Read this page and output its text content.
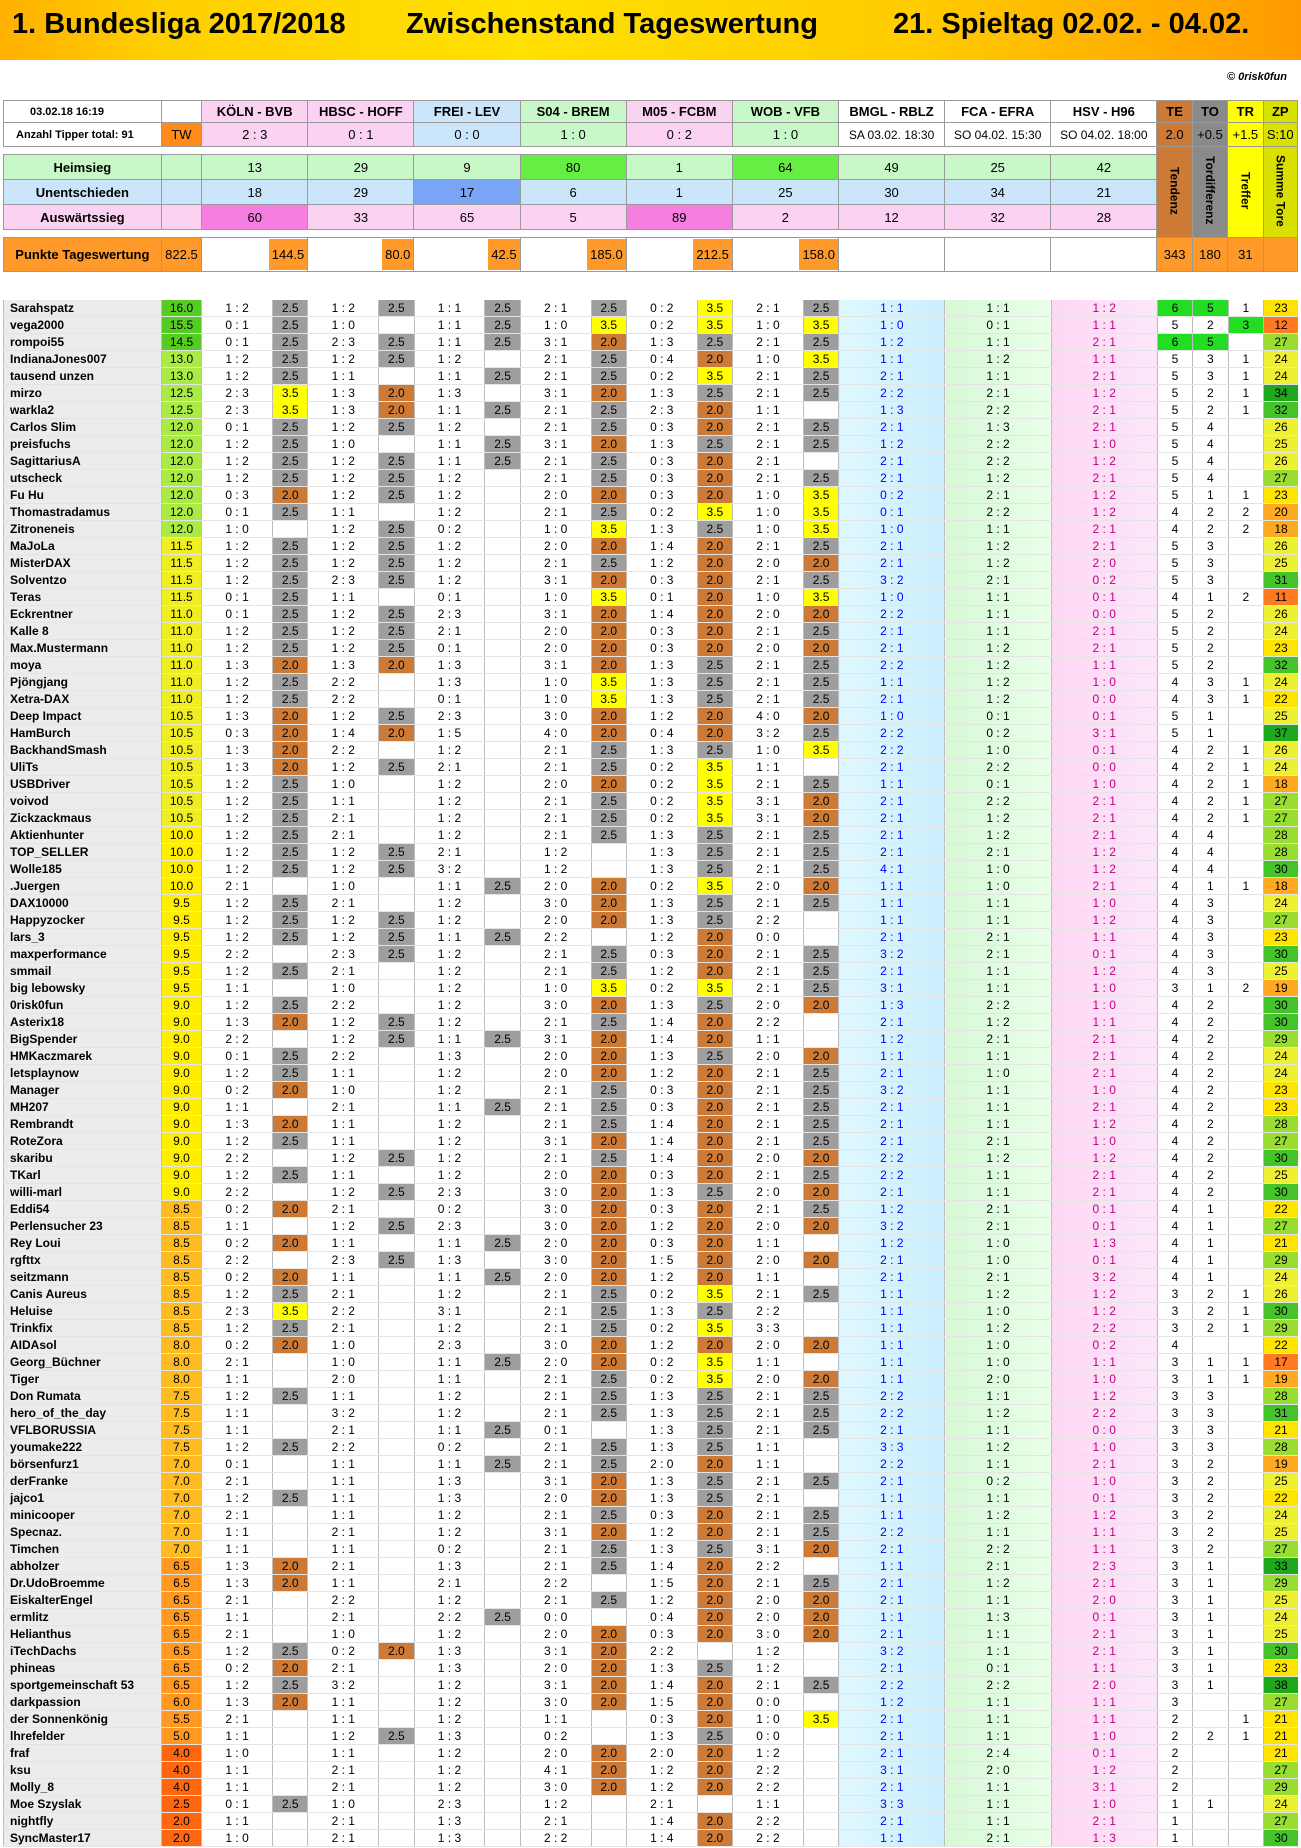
1. Bundesliga 2017/2018 Zwischenstand Tageswertung	21. Spieltag 02.02. - 04.02.
© 0risk0fun
03.02.18 16:19		KÖLN - BVB	HBSC - HOFF	FREI - LEV	S04 - BREM	M05 - FCBM	WOB - VFB	BMGL - RBLZ	FCA - EFRA	HSV - H96	TE	TO	TR	ZP
Anzahl Tipper total: 91	TW	2 : 3	0 : 1	0 : 0	1 : 0	0 : 2	1 : 0	SA 03.02. 18:30	SO 04.02. 15:30	SO 04.02. 18:00	2.0	+0.5	+1.5	S:10
											Tendenz	Tordifferenz	Treffer	Summe Tore
Heimsieg		13	29	9	80	1	64	49	25	42				
Unentschieden		18	29	17	6	1	25	30	34	21				
Auswärtssieg		60	33	65	5	89	2	12	32	28				

Punkte Tageswertung	822.5	144.5	80.0	42.5	185.0	212.5	158.0				343	180	31	
Sarahspatz	16.0	1 : 2	2.5	1 : 2	2.5	1 : 1	2.5	2 : 1	2.5	0 : 2	3.5	2 : 1	2.5	1 : 1	1 : 1	1 : 2	6	5	1	23
vega2000	15.5	0 : 1	2.5	1 : 0		1 : 1	2.5	1 : 0	3.5	0 : 2	3.5	1 : 0	3.5	1 : 0	0 : 1	1 : 1	5	2	3	12
rompoi55	14.5	0 : 1	2.5	2 : 3	2.5	1 : 1	2.5	3 : 1	2.0	1 : 3	2.5	2 : 1	2.5	1 : 2	1 : 1	2 : 1	6	5		27
IndianaJones007	13.0	1 : 2	2.5	1 : 2	2.5	1 : 2		2 : 1	2.5	0 : 4	2.0	1 : 0	3.5	1 : 1	1 : 2	1 : 1	5	3	1	24
tausend unzen	13.0	1 : 2	2.5	1 : 1		1 : 1	2.5	2 : 1	2.5	0 : 2	3.5	2 : 1	2.5	2 : 1	1 : 1	2 : 1	5	3	1	24
mirzo	12.5	2 : 3	3.5	1 : 3	2.0	1 : 3		3 : 1	2.0	1 : 3	2.5	2 : 1	2.5	2 : 2	2 : 1	1 : 2	5	2	1	34
warkla2	12.5	2 : 3	3.5	1 : 3	2.0	1 : 1	2.5	2 : 1	2.5	2 : 3	2.0	1 : 1		1 : 3	2 : 2	2 : 1	5	2	1	32
Carlos Slim	12.0	0 : 1	2.5	1 : 2	2.5	1 : 2		2 : 1	2.5	0 : 3	2.0	2 : 1	2.5	2 : 1	1 : 3	2 : 1	5	4		26
preisfuchs	12.0	1 : 2	2.5	1 : 0		1 : 1	2.5	3 : 1	2.0	1 : 3	2.5	2 : 1	2.5	1 : 2	2 : 2	1 : 0	5	4		25
SagittariusA	12.0	1 : 2	2.5	1 : 2	2.5	1 : 1	2.5	2 : 1	2.5	0 : 3	2.0	2 : 1		2 : 1	2 : 2	1 : 2	5	4		26
utscheck	12.0	1 : 2	2.5	1 : 2	2.5	1 : 2		2 : 1	2.5	0 : 3	2.0	2 : 1	2.5	2 : 1	1 : 2	2 : 1	5	4		27
Fu Hu	12.0	0 : 3	2.0	1 : 2	2.5	1 : 2		2 : 0	2.0	0 : 3	2.0	1 : 0	3.5	0 : 2	2 : 1	1 : 2	5	1	1	23
Thomastradamus	12.0	0 : 1	2.5	1 : 1		1 : 2		2 : 1	2.5	0 : 2	3.5	1 : 0	3.5	0 : 1	2 : 2	1 : 2	4	2	2	20
Zitroneneis	12.0	1 : 0		1 : 2	2.5	0 : 2		1 : 0	3.5	1 : 3	2.5	1 : 0	3.5	1 : 0	1 : 1	2 : 1	4	2	2	18
MaJoLa	11.5	1 : 2	2.5	1 : 2	2.5	1 : 2		2 : 0	2.0	1 : 4	2.0	2 : 1	2.5	2 : 1	1 : 2	2 : 1	5	3		26
MisterDAX	11.5	1 : 2	2.5	1 : 2	2.5	1 : 2		2 : 1	2.5	1 : 2	2.0	2 : 0	2.0	2 : 1	1 : 2	2 : 0	5	3		25
Solventzo	11.5	1 : 2	2.5	2 : 3	2.5	1 : 2		3 : 1	2.0	0 : 3	2.0	2 : 1	2.5	3 : 2	2 : 1	0 : 2	5	3		31
Teras	11.5	0 : 1	2.5	1 : 1		0 : 1		1 : 0	3.5	0 : 1	2.0	1 : 0	3.5	1 : 0	1 : 1	0 : 1	4	1	2	11
Eckrentner	11.0	0 : 1	2.5	1 : 2	2.5	2 : 3		3 : 1	2.0	1 : 4	2.0	2 : 0	2.0	2 : 2	1 : 1	0 : 0	5	2		26
Kalle 8	11.0	1 : 2	2.5	1 : 2	2.5	2 : 1		2 : 0	2.0	0 : 3	2.0	2 : 1	2.5	2 : 1	1 : 1	2 : 1	5	2		24
Max.Mustermann	11.0	1 : 2	2.5	1 : 2	2.5	0 : 1		2 : 0	2.0	0 : 3	2.0	2 : 0	2.0	2 : 1	1 : 2	2 : 1	5	2		23
moya	11.0	1 : 3	2.0	1 : 3	2.0	1 : 3		3 : 1	2.0	1 : 3	2.5	2 : 1	2.5	2 : 2	1 : 2	1 : 1	5	2		32
Pjöngjang	11.0	1 : 2	2.5	2 : 2		1 : 3		1 : 0	3.5	1 : 3	2.5	2 : 1	2.5	1 : 1	1 : 2	1 : 0	4	3	1	24
Xetra-DAX	11.0	1 : 2	2.5	2 : 2		0 : 1		1 : 0	3.5	1 : 3	2.5	2 : 1	2.5	2 : 1	1 : 2	0 : 0	4	3	1	22
Deep Impact	10.5	1 : 3	2.0	1 : 2	2.5	2 : 3		3 : 0	2.0	1 : 2	2.0	4 : 0	2.0	1 : 0	0 : 1	0 : 1	5	1		25
HamBurch	10.5	0 : 3	2.0	1 : 4	2.0	1 : 5		4 : 0	2.0	0 : 4	2.0	3 : 2	2.5	2 : 2	0 : 2	3 : 1	5	1		37
BackhandSmash	10.5	1 : 3	2.0	2 : 2		1 : 2		2 : 1	2.5	1 : 3	2.5	1 : 0	3.5	2 : 2	1 : 0	0 : 1	4	2	1	26
UliTs	10.5	1 : 3	2.0	1 : 2	2.5	2 : 1		2 : 1	2.5	0 : 2	3.5	1 : 1		2 : 1	2 : 2	0 : 0	4	2	1	24
USBDriver	10.5	1 : 2	2.5	1 : 0		1 : 2		2 : 0	2.0	0 : 2	3.5	2 : 1	2.5	1 : 1	0 : 1	1 : 0	4	2	1	18
voivod	10.5	1 : 2	2.5	1 : 1		1 : 2		2 : 1	2.5	0 : 2	3.5	3 : 1	2.0	2 : 1	2 : 2	2 : 1	4	2	1	27
Zickzackmaus	10.5	1 : 2	2.5	2 : 1		1 : 2		2 : 1	2.5	0 : 2	3.5	3 : 1	2.0	2 : 1	1 : 2	2 : 1	4	2	1	27
Aktienhunter	10.0	1 : 2	2.5	2 : 1		1 : 2		2 : 1	2.5	1 : 3	2.5	2 : 1	2.5	2 : 1	1 : 2	2 : 1	4	4		28
TOP_SELLER	10.0	1 : 2	2.5	1 : 2	2.5	2 : 1		1 : 2		1 : 3	2.5	2 : 1	2.5	2 : 1	2 : 1	1 : 2	4	4		28
Wolle185	10.0	1 : 2	2.5	1 : 2	2.5	3 : 2		1 : 2		1 : 3	2.5	2 : 1	2.5	4 : 1	1 : 0	1 : 2	4	4		30
.Juergen	10.0	2 : 1		1 : 0		1 : 1	2.5	2 : 0	2.0	0 : 2	3.5	2 : 0	2.0	1 : 1	1 : 0	2 : 1	4	1	1	18
DAX10000	9.5	1 : 2	2.5	2 : 1		1 : 2		3 : 0	2.0	1 : 3	2.5	2 : 1	2.5	1 : 1	1 : 1	1 : 0	4	3		24
Happyzocker	9.5	1 : 2	2.5	1 : 2	2.5	1 : 2		2 : 0	2.0	1 : 3	2.5	2 : 2		1 : 1	1 : 1	1 : 2	4	3		27
lars_3	9.5	1 : 2	2.5	1 : 2	2.5	1 : 1	2.5	2 : 2		1 : 2	2.0	0 : 0		2 : 1	2 : 1	1 : 1	4	3		23
maxperformance	9.5	2 : 2		2 : 3	2.5	1 : 2		2 : 1	2.5	0 : 3	2.0	2 : 1	2.5	3 : 2	2 : 1	0 : 1	4	3		30
smmail	9.5	1 : 2	2.5	2 : 1		1 : 2		2 : 1	2.5	1 : 2	2.0	2 : 1	2.5	2 : 1	1 : 1	1 : 2	4	3		25
big lebowsky	9.5	1 : 1		1 : 0		1 : 2		1 : 0	3.5	0 : 2	3.5	2 : 1	2.5	3 : 1	1 : 1	1 : 0	3	1	2	19
0risk0fun	9.0	1 : 2	2.5	2 : 2		1 : 2		3 : 0	2.0	1 : 3	2.5	2 : 0	2.0	1 : 3	2 : 2	1 : 0	4	2		30
Asterix18	9.0	1 : 3	2.0	1 : 2	2.5	1 : 2		2 : 1	2.5	1 : 4	2.0	2 : 2		2 : 1	1 : 2	1 : 1	4	2		30
BigSpender	9.0	2 : 2		1 : 2	2.5	1 : 1	2.5	3 : 1	2.0	1 : 4	2.0	1 : 1		1 : 2	2 : 1	2 : 1	4	2		29
HMKaczmarek	9.0	0 : 1	2.5	2 : 2		1 : 3		2 : 0	2.0	1 : 3	2.5	2 : 0	2.0	1 : 1	1 : 1	2 : 1	4	2		24
letsplaynow	9.0	1 : 2	2.5	1 : 1		1 : 2		2 : 0	2.0	1 : 2	2.0	2 : 1	2.5	2 : 1	1 : 0	2 : 1	4	2		24
Manager	9.0	0 : 2	2.0	1 : 0		1 : 2		2 : 1	2.5	0 : 3	2.0	2 : 1	2.5	3 : 2	1 : 1	1 : 0	4	2		23
MH207	9.0	1 : 1		2 : 1		1 : 1	2.5	2 : 1	2.5	0 : 3	2.0	2 : 1	2.5	2 : 1	1 : 1	2 : 1	4	2		23
Rembrandt	9.0	1 : 3	2.0	1 : 1		1 : 2		2 : 1	2.5	1 : 4	2.0	2 : 1	2.5	2 : 1	1 : 1	1 : 2	4	2		28
RoteZora	9.0	1 : 2	2.5	1 : 1		1 : 2		3 : 1	2.0	1 : 4	2.0	2 : 1	2.5	2 : 1	2 : 1	1 : 0	4	2		27
skaribu	9.0	2 : 2		1 : 2	2.5	1 : 2		2 : 1	2.5	1 : 4	2.0	2 : 0	2.0	2 : 2	1 : 2	1 : 2	4	2		30
TKarl	9.0	1 : 2	2.5	1 : 1		1 : 2		2 : 0	2.0	0 : 3	2.0	2 : 1	2.5	2 : 2	1 : 1	2 : 1	4	2		25
willi-marl	9.0	2 : 2		1 : 2	2.5	2 : 3		3 : 0	2.0	1 : 3	2.5	2 : 0	2.0	2 : 1	1 : 1	2 : 1	4	2		30
Eddi54	8.5	0 : 2	2.0	2 : 1		0 : 2		3 : 0	2.0	0 : 3	2.0	2 : 1	2.5	1 : 2	2 : 1	0 : 1	4	1		22
Perlensucher 23	8.5	1 : 1		1 : 2	2.5	2 : 3		3 : 0	2.0	1 : 2	2.0	2 : 0	2.0	3 : 2	2 : 1	0 : 1	4	1		27
Rey Loui	8.5	0 : 2	2.0	1 : 1		1 : 1	2.5	2 : 0	2.0	0 : 3	2.0	1 : 1		1 : 2	1 : 0	1 : 3	4	1		21
rgfttx	8.5	2 : 2		2 : 3	2.5	1 : 3		3 : 0	2.0	1 : 5	2.0	2 : 0	2.0	2 : 1	1 : 0	0 : 1	4	1		29
seitzmann	8.5	0 : 2	2.0	1 : 1		1 : 1	2.5	2 : 0	2.0	1 : 2	2.0	1 : 1		2 : 1	2 : 1	3 : 2	4	1		24
Canis Aureus	8.5	1 : 2	2.5	2 : 1		1 : 2		2 : 1	2.5	0 : 2	3.5	2 : 1	2.5	1 : 1	1 : 2	1 : 2	3	2	1	26
Heluise	8.5	2 : 3	3.5	2 : 2		3 : 1		2 : 1	2.5	1 : 3	2.5	2 : 2		1 : 1	1 : 0	1 : 2	3	2	1	30
Trinkfix	8.5	1 : 2	2.5	2 : 1		1 : 2		2 : 1	2.5	0 : 2	3.5	3 : 3		1 : 1	1 : 2	2 : 2	3	2	1	29
AIDAsol	8.0	0 : 2	2.0	1 : 0		2 : 3		3 : 0	2.0	1 : 2	2.0	2 : 0	2.0	1 : 1	1 : 0	0 : 2	4			22
Georg_Büchner	8.0	2 : 1		1 : 0		1 : 1	2.5	2 : 0	2.0	0 : 2	3.5	1 : 1		1 : 1	1 : 0	1 : 1	3	1	1	17
Tiger	8.0	1 : 1		2 : 0		1 : 1		2 : 1	2.5	0 : 2	3.5	2 : 0	2.0	1 : 1	2 : 0	1 : 0	3	1	1	19
Don Rumata	7.5	1 : 2	2.5	1 : 1		1 : 2		2 : 1	2.5	1 : 3	2.5	2 : 1	2.5	2 : 2	1 : 1	1 : 2	3	3		28
hero_of_the_day	7.5	1 : 1		3 : 2		1 : 2		2 : 1	2.5	1 : 3	2.5	2 : 1	2.5	2 : 2	1 : 2	2 : 2	3	3		31
VFLBORUSSIA	7.5	1 : 1		2 : 1		1 : 1	2.5	0 : 1		1 : 3	2.5	2 : 1	2.5	2 : 1	1 : 1	0 : 0	3	3		21
youmake222	7.5	1 : 2	2.5	2 : 2		0 : 2		2 : 1	2.5	1 : 3	2.5	1 : 1		3 : 3	1 : 2	1 : 0	3	3		28
börsenfurz1	7.0	0 : 1		1 : 1		1 : 1	2.5	2 : 1	2.5	2 : 0	2.0	1 : 1		2 : 2	1 : 1	2 : 1	3	2		19
derFranke	7.0	2 : 1		1 : 1		1 : 3		3 : 1	2.0	1 : 3	2.5	2 : 1	2.5	2 : 1	0 : 2	1 : 0	3	2		25
jajco1	7.0	1 : 2	2.5	1 : 1		1 : 3		2 : 0	2.0	1 : 3	2.5	2 : 1		1 : 1	1 : 1	0 : 1	3	2		22
minicooper	7.0	2 : 1		1 : 1		1 : 2		2 : 1	2.5	0 : 3	2.0	2 : 1	2.5	1 : 1	1 : 2	1 : 2	3	2		24
Specnaz.	7.0	1 : 1		2 : 1		1 : 2		3 : 1	2.0	1 : 2	2.0	2 : 1	2.5	2 : 2	1 : 1	1 : 1	3	2		25
Timchen	7.0	1 : 1		1 : 1		0 : 2		2 : 1	2.5	1 : 3	2.5	3 : 1	2.0	2 : 1	2 : 2	1 : 1	3	2		27
abholzer	6.5	1 : 3	2.0	2 : 1		1 : 3		2 : 1	2.5	1 : 4	2.0	2 : 2		1 : 1	2 : 1	2 : 3	3	1		33
Dr.UdoBroemme	6.5	1 : 3	2.0	1 : 1		2 : 1		2 : 2		1 : 5	2.0	2 : 1	2.5	2 : 1	1 : 2	2 : 1	3	1		29
EiskalterEngel	6.5	2 : 1		2 : 2		1 : 2		2 : 1	2.5	1 : 2	2.0	2 : 0	2.0	2 : 1	1 : 1	2 : 0	3	1		25
ermlitz	6.5	1 : 1		2 : 1		2 : 2	2.5	0 : 0		0 : 4	2.0	2 : 0	2.0	1 : 1	1 : 3	0 : 1	3	1		24
Helianthus	6.5	2 : 1		1 : 0		1 : 2		2 : 0	2.0	0 : 3	2.0	3 : 0	2.0	2 : 1	1 : 1	2 : 1	3	1		25
iTechDachs	6.5	1 : 2	2.5	0 : 2	2.0	1 : 3		3 : 1	2.0	2 : 2		1 : 2		3 : 2	1 : 1	2 : 1	3	1		30
phineas	6.5	0 : 2	2.0	2 : 1		1 : 3		2 : 0	2.0	1 : 3	2.5	1 : 2		2 : 1	0 : 1	1 : 1	3	1		23
sportgemeinschaft 53	6.5	1 : 2	2.5	3 : 2		1 : 2		3 : 1	2.0	1 : 4	2.0	2 : 1	2.5	2 : 2	2 : 2	2 : 0	3	1		38
darkpassion	6.0	1 : 3	2.0	1 : 1		1 : 2		3 : 0	2.0	1 : 5	2.0	0 : 0		1 : 2	1 : 1	1 : 1	3			27
der Sonnenkönig	5.5	2 : 1		1 : 1		1 : 2		1 : 1		0 : 3	2.0	1 : 0	3.5	2 : 1	1 : 1	1 : 1	2		1	21
lhrefelder	5.0	1 : 1		1 : 2	2.5	1 : 3		0 : 2		1 : 3	2.5	0 : 0		2 : 1	1 : 1	1 : 0	2	2	1	21
fraf	4.0	1 : 0		1 : 1		1 : 2		2 : 0	2.0	2 : 0	2.0	1 : 2		2 : 1	2 : 4	0 : 1	2			21
ksu	4.0	1 : 1		2 : 1		1 : 2		4 : 1	2.0	1 : 2	2.0	2 : 2		3 : 1	2 : 0	1 : 2	2			27
Molly_8	4.0	1 : 1		2 : 1		1 : 2		3 : 0	2.0	1 : 2	2.0	2 : 2		2 : 1	1 : 1	3 : 1	2			29
Moe Szyslak	2.5	0 : 1	2.5	1 : 0		2 : 3		1 : 2		2 : 1		1 : 1		3 : 3	1 : 1	1 : 0	1	1		24
nightfly	2.0	1 : 1		2 : 1		1 : 3		2 : 1		1 : 4	2.0	2 : 2		2 : 1	1 : 1	2 : 1	1			27
SyncMaster17	2.0	1 : 0		2 : 1		1 : 3		2 : 2		1 : 4	2.0	2 : 2		1 : 1	2 : 1	1 : 3	1			30
